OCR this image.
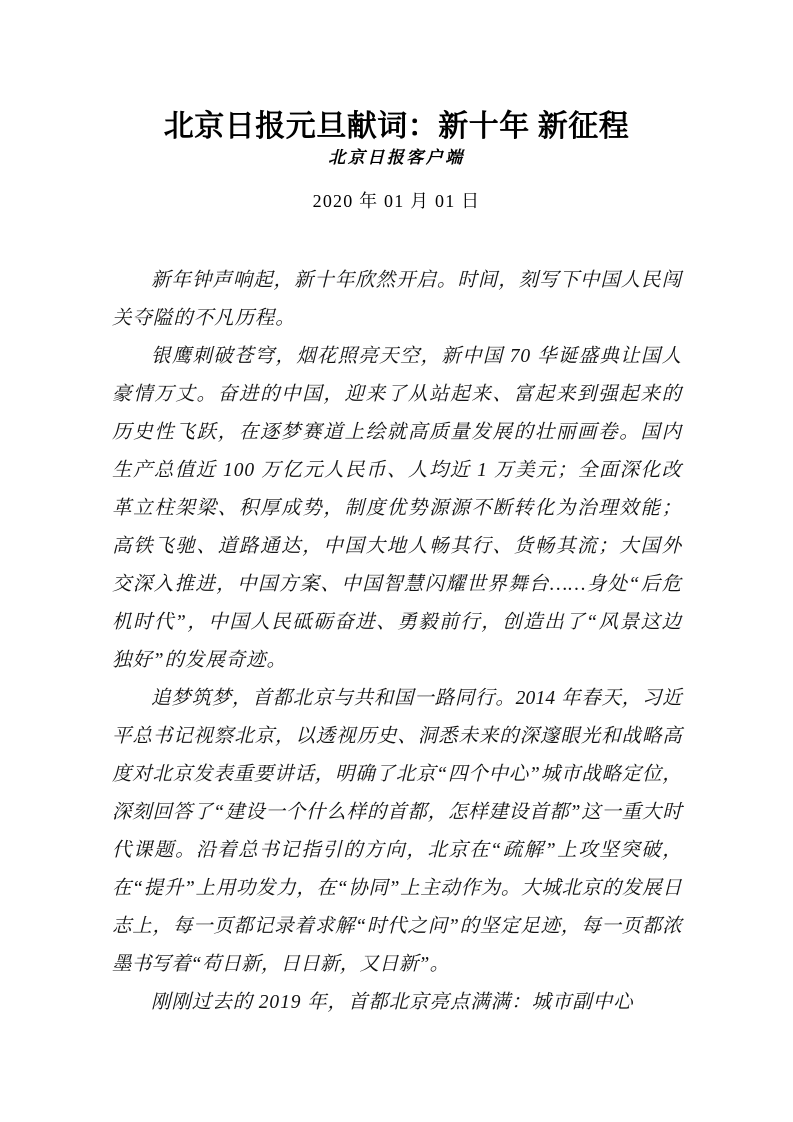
北京日报元旦献词：新十年 新征程
北京日报客户端
2020 年 01 月 01 日

新年钟声响起，新十年欣然开启。时间，刻写下中国人民闯关夺隘的不凡历程。

银鹰刺破苍穹，烟花照亮天空，新中国 70 华诞盛典让国人豪情万丈。奋进的中国，迎来了从站起来、富起来到强起来的历史性飞跃，在逐梦赛道上绘就高质量发展的壮丽画卷。国内生产总值近 100 万亿元人民币、人均近 1 万美元；全面深化改革立柱架梁、积厚成势，制度优势源源不断转化为治理效能；高铁飞驰、道路通达，中国大地人畅其行、货畅其流；大国外交深入推进，中国方案、中国智慧闪耀世界舞台……身处“后危机时代”，中国人民砥砺奋进、勇毅前行，创造出了“风景这边独好”的发展奇迹。

追梦筑梦，首都北京与共和国一路同行。2014 年春天，习近平总书记视察北京，以透视历史、洞悉未来的深邃眼光和战略高度对北京发表重要讲话，明确了北京“四个中心”城市战略定位，深刻回答了“建设一个什么样的首都，怎样建设首都”这一重大时代课题。沿着总书记指引的方向，北京在“疏解”上攻坚突破，在“提升”上用功发力，在“协同”上主动作为。大城北京的发展日志上，每一页都记录着求解“时代之问”的坚定足迹，每一页都浓墨书写着“苟日新，日日新，又日新”。

刚刚过去的 2019 年，首都北京亮点满满：城市副中心
